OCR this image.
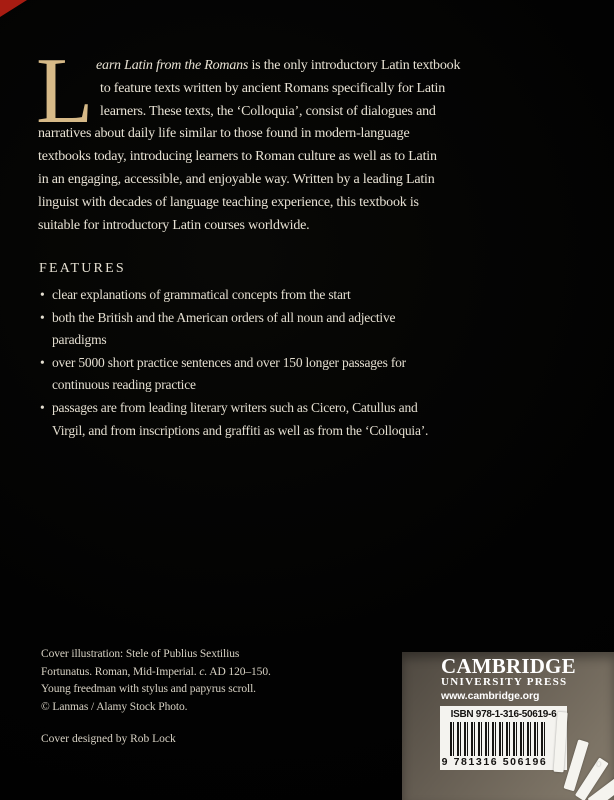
L earn Latin from the Romans is the only introductory Latin textbook
to feature texts written by ancient Romans specifically for Latin
learners. These texts, the ‘Colloquia’, consist of dialogues and
narratives about daily life similar to those found in modern-language
textbooks today, introducing learners to Roman culture as well as to Latin
in an engaging, accessible, and enjoyable way. Written by a leading Latin
linguist with decades of language teaching experience, this textbook is
suitable for introductory Latin courses worldwide.
FEATURES
• clear explanations of grammatical concepts from the start
• both the British and the American orders of all noun and adjective
paradigms
• over 5000 short practice sentences and over 150 longer passages for
continuous reading practice
• passages are from leading literary writers such as Cicero, Catullus and
Virgil, and from inscriptions and graffiti as well as from the ‘Colloquia’.
Cover illustration: Stele of Publius Sextilius
Fortunatus. Roman, Mid-Imperial. c. AD 120–150.
Young freedman with stylus and papyrus scroll.
© Lanmas / Alamy Stock Photo.
Cover designed by Rob Lock
CAMBRIDGE
UNIVERSITY PRESS
www.cambridge.org
ISBN 978-1-316-50619-6
9 781316 506196
